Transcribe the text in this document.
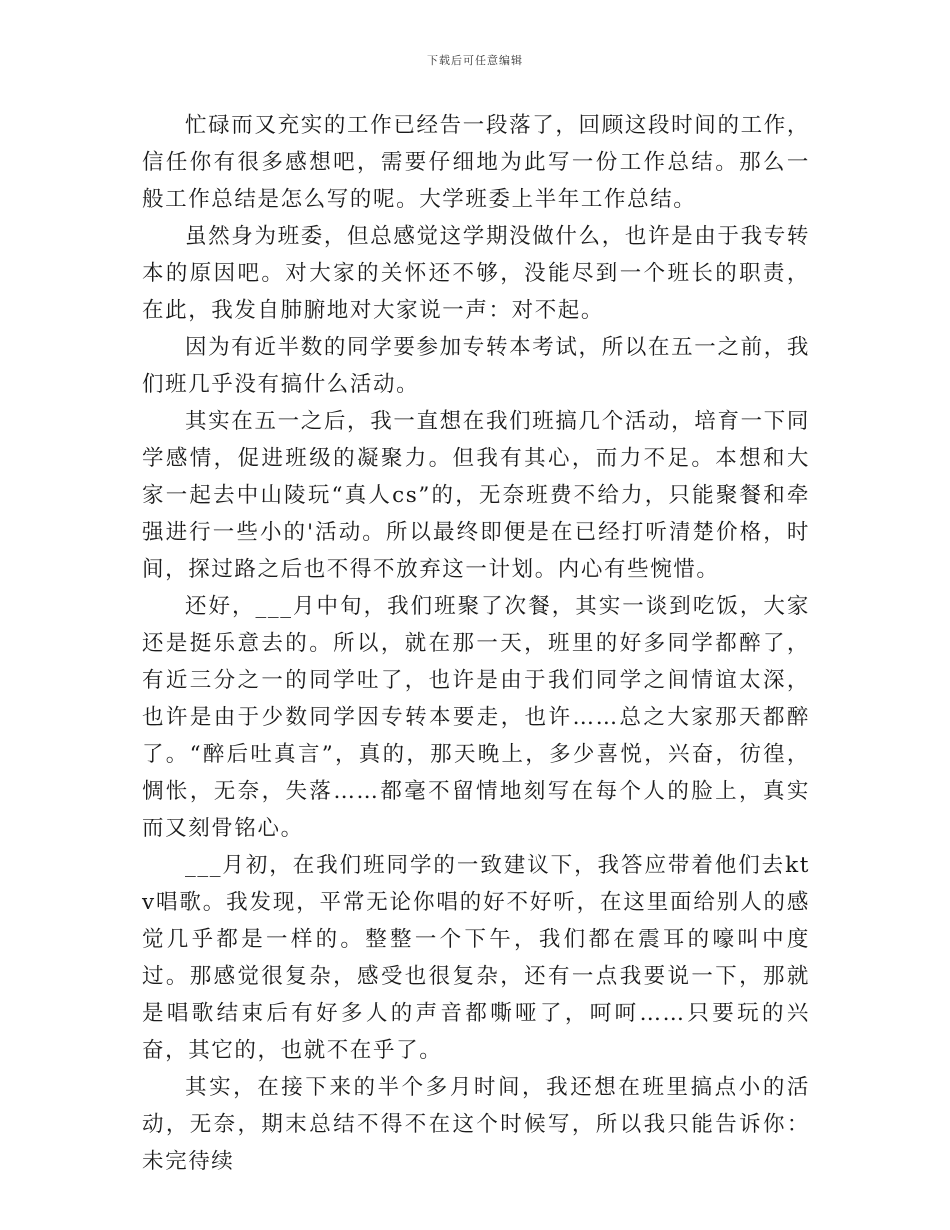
下载后可任意编辑

忙碌而又充实的工作已经告一段落了，回顾这段时间的工作，信任你有很多感想吧，需要仔细地为此写一份工作总结。那么一般工作总结是怎么写的呢。大学班委上半年工作总结。

虽然身为班委，但总感觉这学期没做什么，也许是由于我专转本的原因吧。对大家的关怀还不够，没能尽到一个班长的职责，在此，我发自肺腑地对大家说一声：对不起。

因为有近半数的同学要参加专转本考试，所以在五一之前，我们班几乎没有搞什么活动。

其实在五一之后，我一直想在我们班搞几个活动，培育一下同学感情，促进班级的凝聚力。但我有其心，而力不足。本想和大家一起去中山陵玩“真人cs”的，无奈班费不给力，只能聚餐和牵强进行一些小的'活动。所以最终即便是在已经打听清楚价格，时间，探过路之后也不得不放弃这一计划。内心有些惋惜。

还好，___月中旬，我们班聚了次餐，其实一谈到吃饭，大家还是挺乐意去的。所以，就在那一天，班里的好多同学都醉了，有近三分之一的同学吐了，也许是由于我们同学之间情谊太深，也许是由于少数同学因专转本要走，也许……总之大家那天都醉了。“醉后吐真言”，真的，那天晚上，多少喜悦，兴奋，彷徨，惆怅，无奈，失落……都毫不留情地刻写在每个人的脸上，真实而又刻骨铭心。

___月初，在我们班同学的一致建议下，我答应带着他们去ktv唱歌。我发现，平常无论你唱的好不好听，在这里面给别人的感觉几乎都是一样的。整整一个下午，我们都在震耳的嚎叫中度过。那感觉很复杂，感受也很复杂，还有一点我要说一下，那就是唱歌结束后有好多人的声音都嘶哑了，呵呵……只要玩的兴奋，其它的，也就不在乎了。

其实，在接下来的半个多月时间，我还想在班里搞点小的活动，无奈，期末总结不得不在这个时候写，所以我只能告诉你：未完待续
